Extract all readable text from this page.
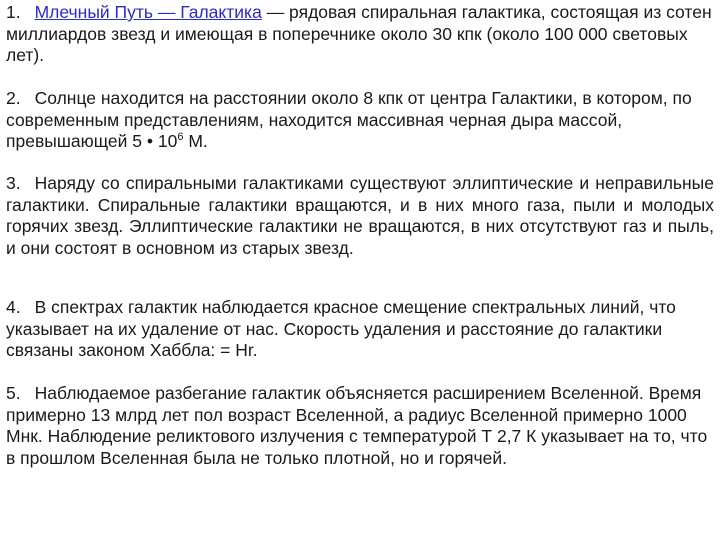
1. Млечный Путь — Галактика — рядовая спиральная галактика, состоящая из сотен миллиардов звезд и имеющая в поперечнике около 30 кпк (около 100 000 световых лет).

2. Солнце находится на расстоянии около 8 кпк от центра Галактики, в котором, по современным представлениям, находится массивная черная дыра массой, превышающей 5 • $10^6$ М.

3. Наряду со спиральными галактиками существуют эллиптические и неправильные галактики. Спиральные галактики вращаются, и в них много газа, пыли и молодых горячих звезд. Эллиптические галактики не вращаются, в них отсутствуют газ и пыль, и они состоят в основном из старых звезд.

4. В спектрах галактик наблюдается красное смещение спектральных линий, что указывает на их удаление от нас. Скорость удаления и расстояние до галактики связаны законом Хаббла: = Hr.

5. Наблюдаемое разбегание галактик объясняется расширением Вселенной. Время примерно 13 млрд лет пол возраст Вселенной, а радиус Вселенной примерно 1000 Мнк. Наблюдение реликтового излучения с температурой Т 2,7 К указывает на то, что в прошлом Вселенная была не только плотной, но и горячей.
